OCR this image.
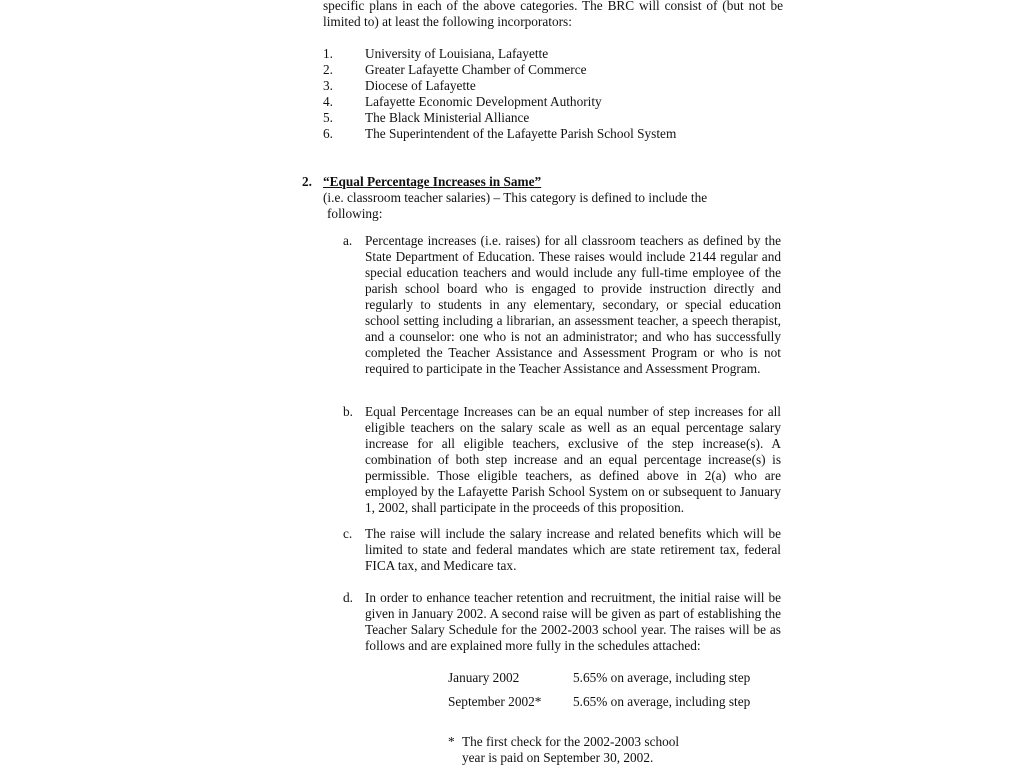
specific plans in each of the above categories. The BRC will consist of (but not be limited to) at least the following incorporators:
1.	University of Louisiana, Lafayette
2.	Greater Lafayette Chamber of Commerce
3.	Diocese of Lafayette
4.	Lafayette Economic Development Authority
5.	The Black Ministerial Alliance
6.	The Superintendent of the Lafayette Parish School System
2. “Equal Percentage Increases in Same”
(i.e. classroom teacher salaries) – This category is defined to include the
following:
a. Percentage increases (i.e. raises) for all classroom teachers as defined by the State Department of Education. These raises would include 2144 regular and special education teachers and would include any full-time employee of the parish school board who is engaged to provide instruction directly and regularly to students in any elementary, secondary, or special education school setting including a librarian, an assessment teacher, a speech therapist, and a counselor: one who is not an administrator; and who has successfully completed the Teacher Assistance and Assessment Program or who is not required to participate in the Teacher Assistance and Assessment Program.
b. Equal Percentage Increases can be an equal number of step increases for all eligible teachers on the salary scale as well as an equal percentage salary increase for all eligible teachers, exclusive of the step increase(s). A combination of both step increase and an equal percentage increase(s) is permissible. Those eligible teachers, as defined above in 2(a) who are employed by the Lafayette Parish School System on or subsequent to January 1, 2002, shall participate in the proceeds of this proposition.
c. The raise will include the salary increase and related benefits which will be limited to state and federal mandates which are state retirement tax, federal FICA tax, and Medicare tax.
d. In order to enhance teacher retention and recruitment, the initial raise will be given in January 2002. A second raise will be given as part of establishing the Teacher Salary Schedule for the 2002-2003 school year. The raises will be as follows and are explained more fully in the schedules attached:
January 2002	5.65% on average, including step
September 2002* 5.65% on average, including step
* The first check for the 2002-2003 school year is paid on September 30, 2002.
